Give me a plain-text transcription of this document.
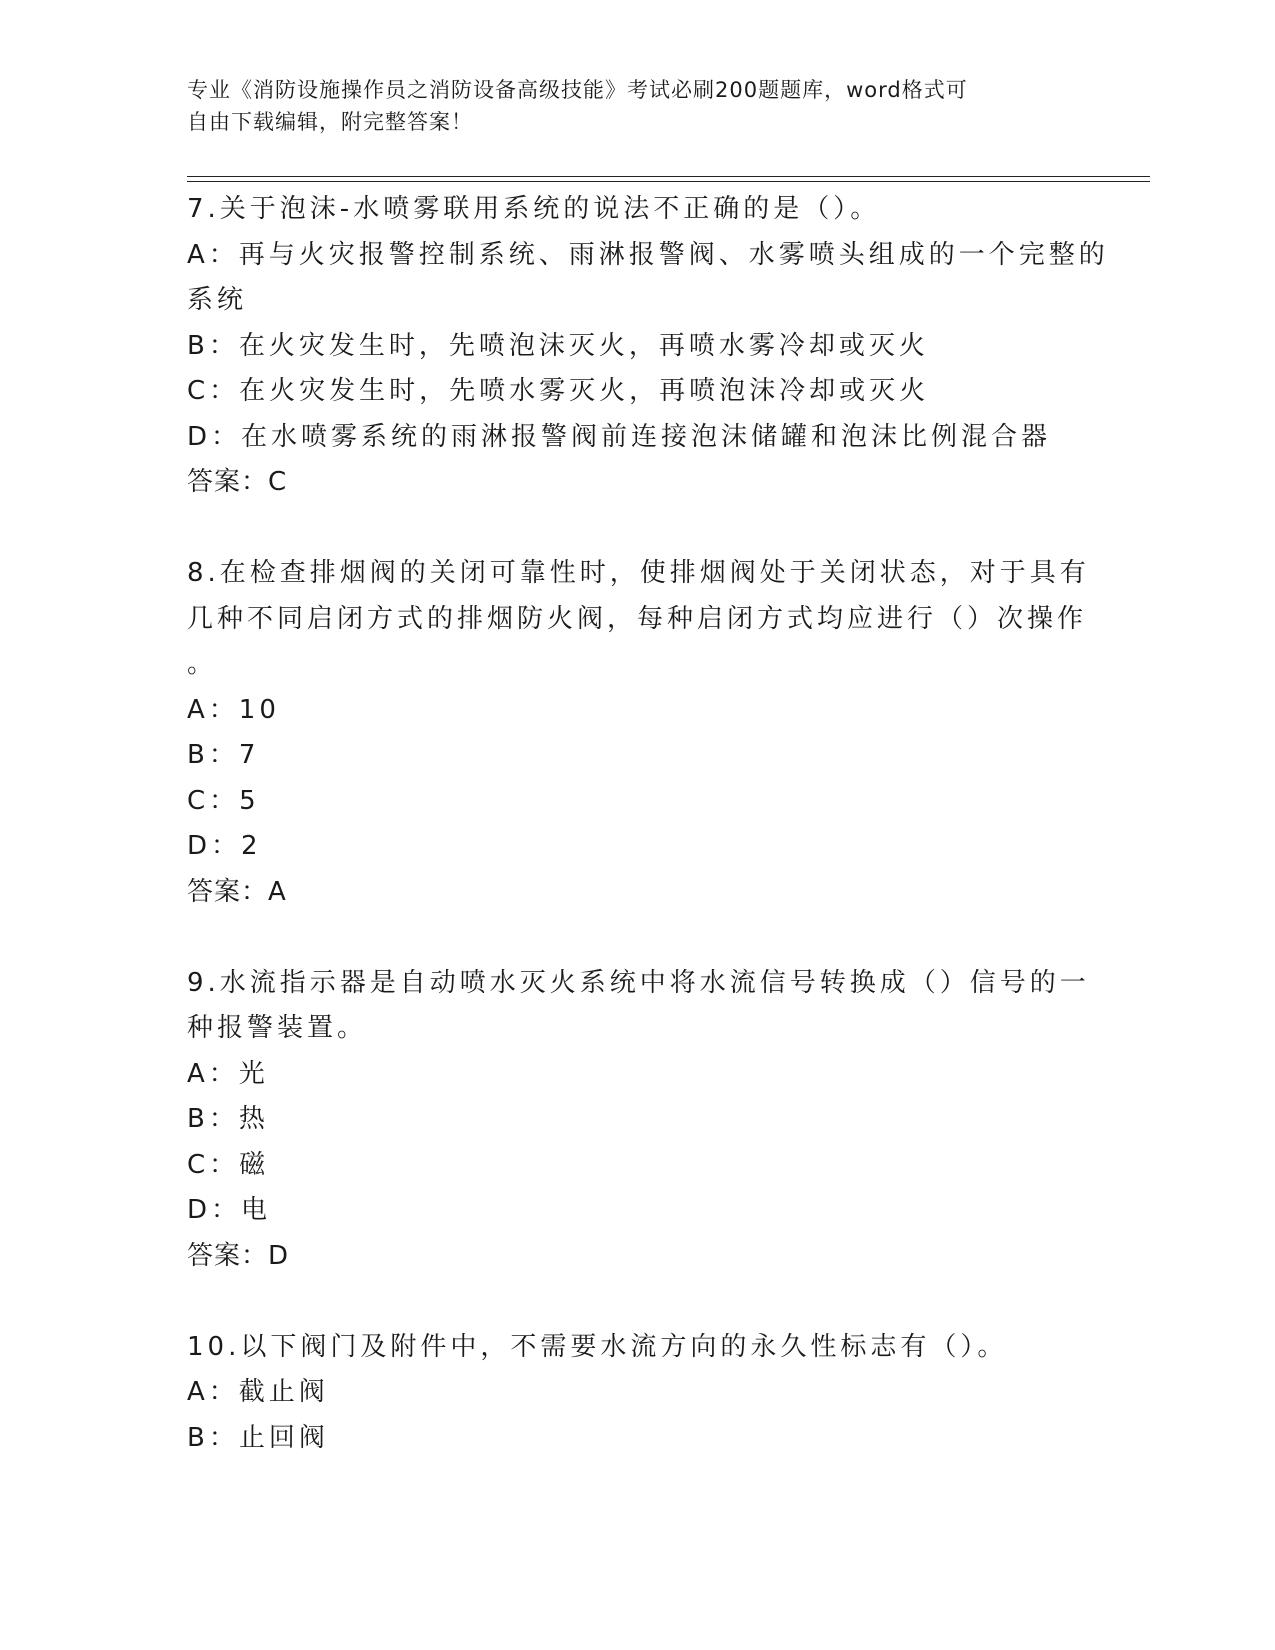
专业《消防设施操作员之消防设备高级技能》考试必刷200题题库，word格式可
自由下载编辑，附完整答案！
7.关于泡沫-水喷雾联用系统的说法不正确的是（）。
A：再与火灾报警控制系统、雨淋报警阀、水雾喷头组成的一个完整的
系统
B：在火灾发生时，先喷泡沫灭火，再喷水雾冷却或灭火
C：在火灾发生时，先喷水雾灭火，再喷泡沫冷却或灭火
D：在水喷雾系统的雨淋报警阀前连接泡沫储罐和泡沫比例混合器
答案：C
8.在检查排烟阀的关闭可靠性时，使排烟阀处于关闭状态，对于具有
几种不同启闭方式的排烟防火阀，每种启闭方式均应进行（）次操作
。
A：10
B：7
C：5
D：2
答案：A
9.水流指示器是自动喷水灭火系统中将水流信号转换成（）信号的一
种报警装置。
A：光
B：热
C：磁
D：电
答案：D
10.以下阀门及附件中，不需要水流方向的永久性标志有（）。
A：截止阀
B：止回阀
